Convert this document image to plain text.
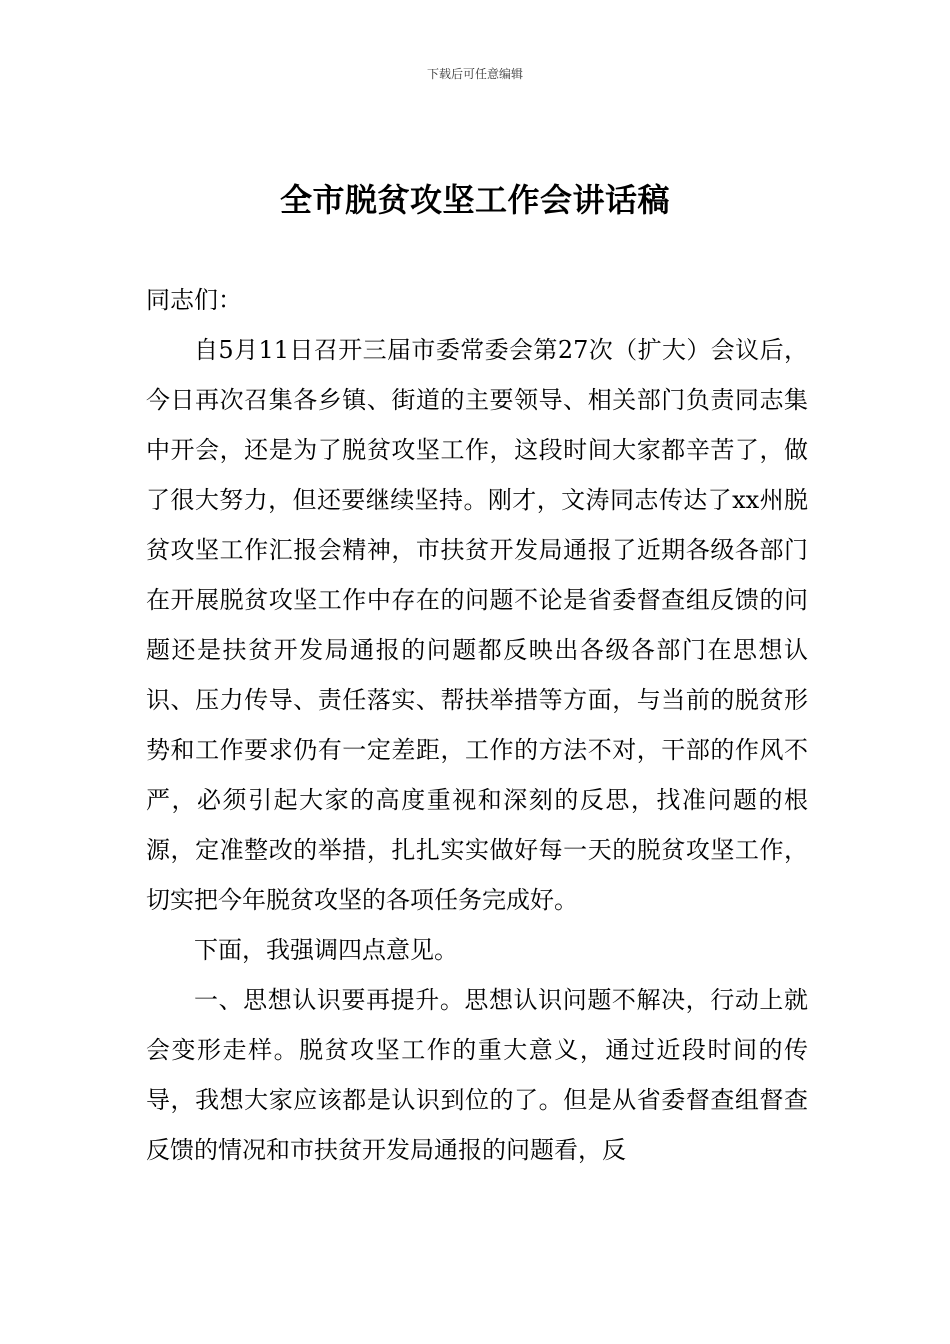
下载后可任意编辑
全市脱贫攻坚工作会讲话稿

同志们：

自5月11日召开三届市委常委会第27次（扩大）会议后，今日再次召集各乡镇、街道的主要领导、相关部门负责同志集中开会，还是为了脱贫攻坚工作，这段时间大家都辛苦了，做了很大努力，但还要继续坚持。刚才，文涛同志传达了xx州脱贫攻坚工作汇报会精神，市扶贫开发局通报了近期各级各部门在开展脱贫攻坚工作中存在的问题不论是省委督查组反馈的问题还是扶贫开发局通报的问题都反映出各级各部门在思想认识、压力传导、责任落实、帮扶举措等方面，与当前的脱贫形势和工作要求仍有一定差距，工作的方法不对，干部的作风不严，必须引起大家的高度重视和深刻的反思，找准问题的根源，定准整改的举措，扎扎实实做好每一天的脱贫攻坚工作，切实把今年脱贫攻坚的各项任务完成好。

下面，我强调四点意见。

一、思想认识要再提升。思想认识问题不解决，行动上就会变形走样。脱贫攻坚工作的重大意义，通过近段时间的传导，我想大家应该都是认识到位的了。但是从省委督查组督查反馈的情况和市扶贫开发局通报的问题看，反
